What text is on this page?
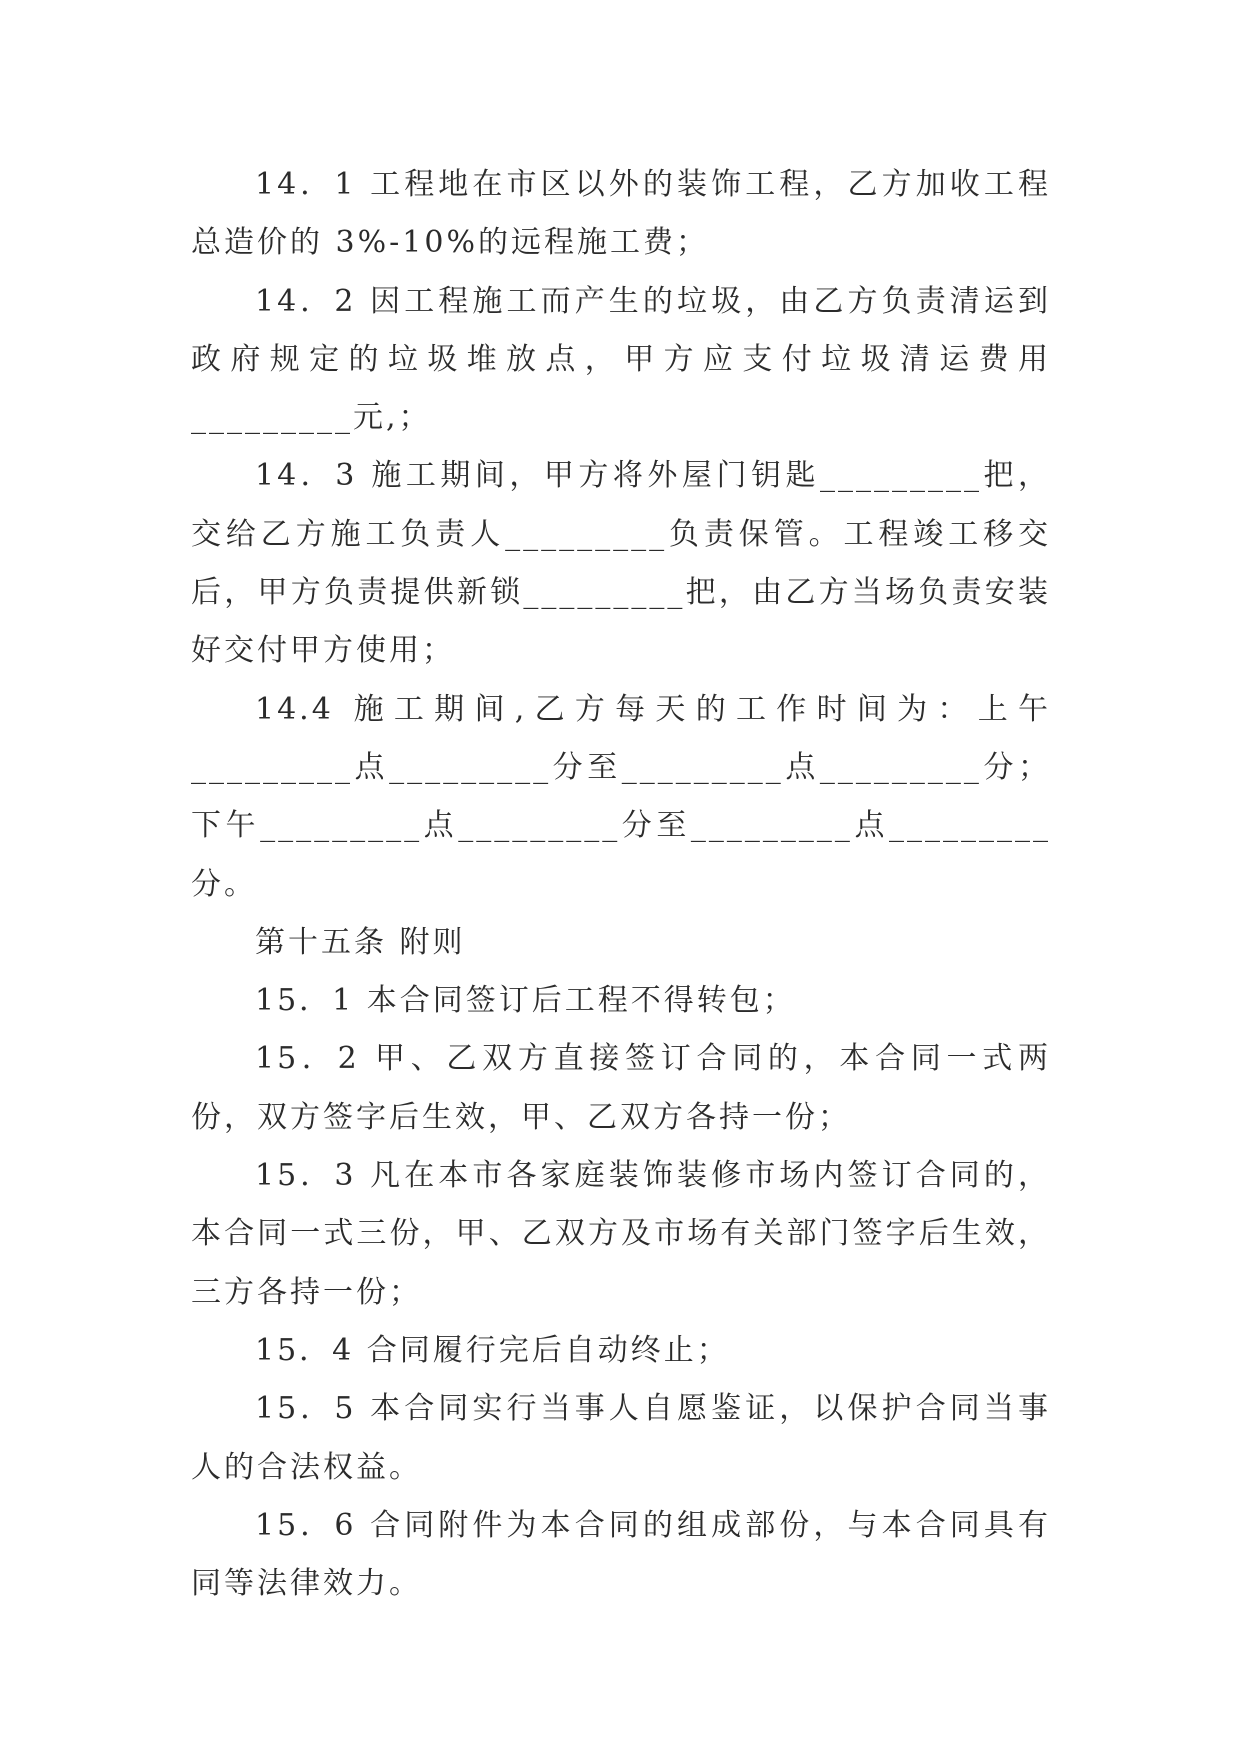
14．1 工程地在市区以外的装饰工程，乙方加收工程总造价的 3%-10%的远程施工费；

14．2 因工程施工而产生的垃圾，由乙方负责清运到政府规定的垃圾堆放点，甲方应支付垃圾清运费用_________元,；

14．3 施工期间，甲方将外屋门钥匙_________把，交给乙方施工负责人_________负责保管。工程竣工移交后，甲方负责提供新锁_________把，由乙方当场负责安装好交付甲方使用；

14.4 施工期间,乙方每天的工作时间为：上午_________点_________分至_________点_________分；下午_________点_________分至_________点_________分。

第十五条 附则

15．1 本合同签订后工程不得转包；

15．2 甲、乙双方直接签订合同的，本合同一式两份，双方签字后生效，甲、乙双方各持一份；

15．3 凡在本市各家庭装饰装修市场内签订合同的，本合同一式三份，甲、乙双方及市场有关部门签字后生效，三方各持一份；

15．4 合同履行完后自动终止；

15．5 本合同实行当事人自愿鉴证，以保护合同当事人的合法权益。

15．6 合同附件为本合同的组成部份，与本合同具有同等法律效力。
